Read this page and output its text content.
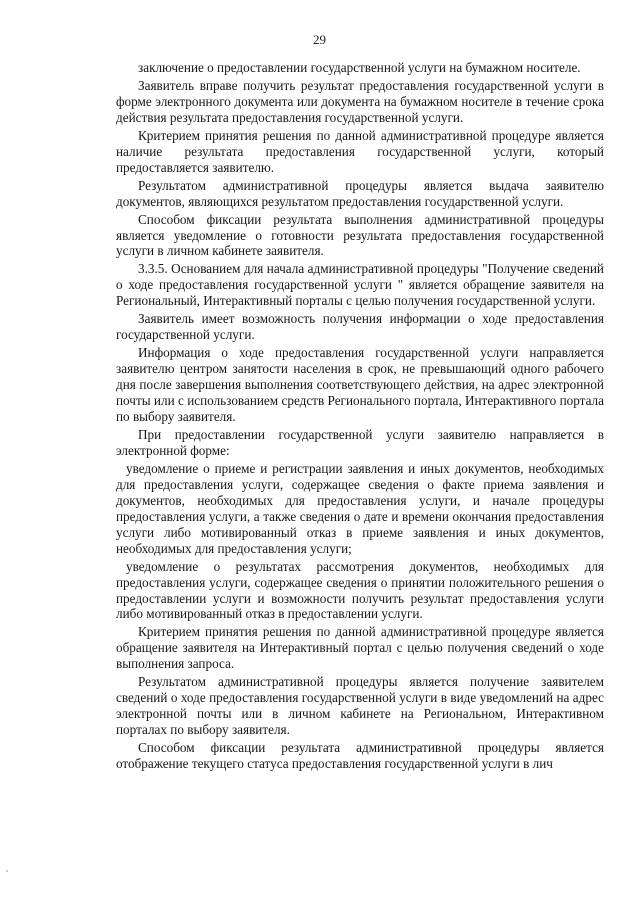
29

заключение о предоставлении государственной услуги на бумажном носителе.

Заявитель вправе получить результат предоставления государственной услуги в форме электронного документа или документа на бумажном носителе в течение срока действия результата предоставления государственной услуги.

Критерием принятия решения по данной административной процедуре является наличие результата предоставления государственной услуги, который предоставляется заявителю.

Результатом административной процедуры является выдача заявителю документов, являющихся результатом предоставления государственной услуги.

Способом фиксации результата выполнения административной процедуры является уведомление о готовности результата предоставления государственной услуги в личном кабинете заявителя.

3.3.5. Основанием для начала административной процедуры "Получение сведений о ходе предоставления государственной услуги " является обращение заявителя на Региональный, Интерактивный порталы с целью получения государственной услуги.

Заявитель имеет возможность получения информации о ходе предоставления государственной услуги.

Информация о ходе предоставления государственной услуги направляется заявителю центром занятости населения в срок, не превышающий одного рабочего дня после завершения выполнения соответствующего действия, на адрес электронной почты или с использованием средств Регионального портала, Интерактивного портала по выбору заявителя.

При предоставлении государственной услуги заявителю направляется в электронной форме:

уведомление о приеме и регистрации заявления и иных документов, необходимых для предоставления услуги, содержащее сведения о факте приема заявления и документов, необходимых для предоставления услуги, и начале процедуры предоставления услуги, а также сведения о дате и времени окончания предоставления услуги либо мотивированный отказ в приеме заявления и иных документов, необходимых для предоставления услуги;

уведомление о результатах рассмотрения документов, необходимых для предоставления услуги, содержащее сведения о принятии положительного решения о предоставлении услуги и возможности получить результат предоставления услуги либо мотивированный отказ в предоставлении услуги.

Критерием принятия решения по данной административной процедуре является обращение заявителя на Интерактивный портал с целью получения сведений о ходе выполнения запроса.

Результатом административной процедуры является получение заявителем сведений о ходе предоставления государственной услуги в виде уведомлений на адрес электронной почты или в личном кабинете на Региональном, Интерактивном порталах по выбору заявителя.

Способом фиксации результата административной процедуры является отображение текущего статуса предоставления государственной услуги в лич
